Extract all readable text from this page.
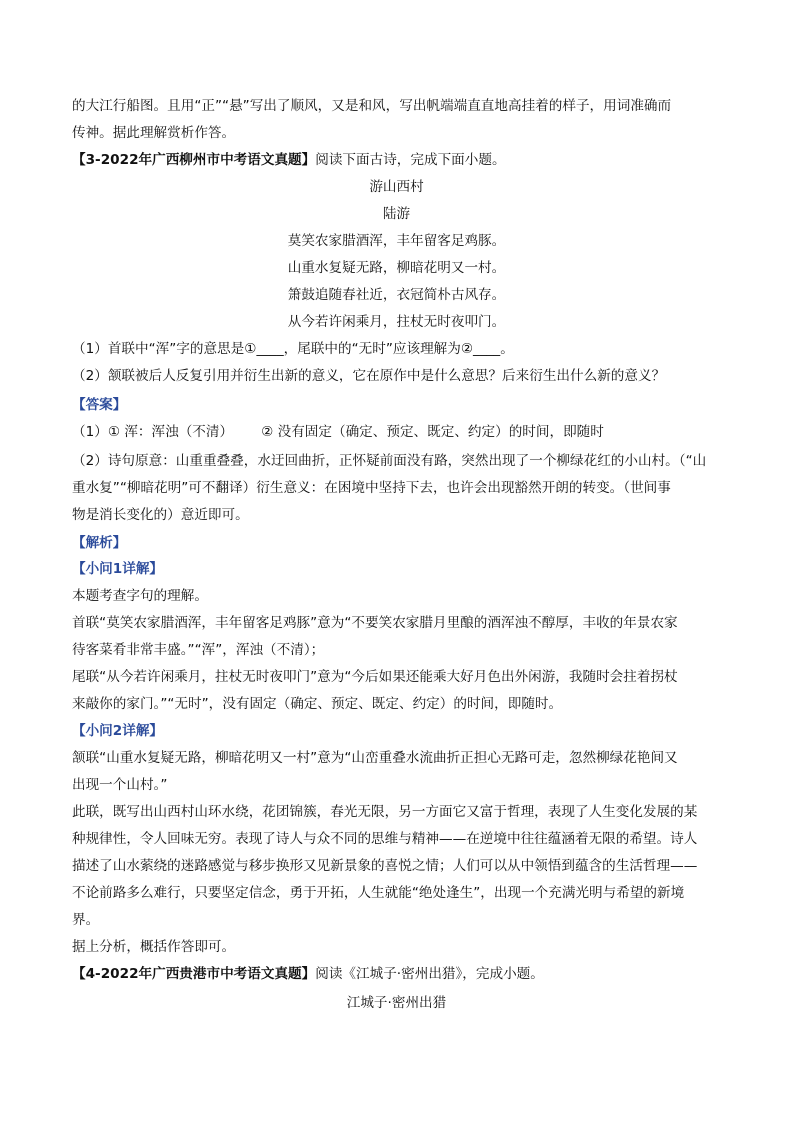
的大江行船图。且用“正”“悬”写出了顺风，又是和风，写出帆端端直直地高挂着的样子，用词准确而
传神。据此理解赏析作答。
【3-2022年广西柳州市中考语文真题】阅读下面古诗，完成下面小题。
游山西村
陆游
莫笑农家腊酒浑，丰年留客足鸡豚。
山重水复疑无路，柳暗花明又一村。
箫鼓追随春社近，衣冠简朴古风存。
从今若许闲乘月，拄杖无时夜叩门。
（1）首联中“浑”字的意思是①____，尾联中的“无时”应该理解为②____。
（2）颔联被后人反复引用并衍生出新的意义，它在原作中是什么意思？后来衍生出什么新的意义？
【答案】
（1）① 浑：浑浊（不清） ② 没有固定（确定、预定、既定、约定）的时间，即随时
（2）诗句原意：山重重叠叠，水迂回曲折，正怀疑前面没有路，突然出现了一个柳绿花红的小山村。（“山
重水复”“柳暗花明”可不翻译）衍生意义：在困境中坚持下去，也许会出现豁然开朗的转变。（世间事
物是消长变化的）意近即可。
【解析】
【小问1详解】
本题考查字句的理解。
首联“莫笑农家腊酒浑，丰年留客足鸡豚”意为“不要笑农家腊月里酿的酒浑浊不醇厚，丰收的年景农家
待客菜肴非常丰盛。”“浑”，浑浊（不清）；
尾联“从今若许闲乘月，拄杖无时夜叩门”意为“今后如果还能乘大好月色出外闲游，我随时会拄着拐杖
来敲你的家门。”“无时”，没有固定（确定、预定、既定、约定）的时间，即随时。
【小问2详解】
颔联“山重水复疑无路，柳暗花明又一村”意为“山峦重叠水流曲折正担心无路可走，忽然柳绿花艳间又
出现一个山村。”
此联，既写出山西村山环水绕，花团锦簇，春光无限，另一方面它又富于哲理，表现了人生变化发展的某
种规律性，令人回味无穷。表现了诗人与众不同的思维与精神——在逆境中往往蕴涵着无限的希望。诗人
描述了山水萦绕的迷路感觉与移步换形又见新景象的喜悦之情；人们可以从中领悟到蕴含的生活哲理——
不论前路多么难行，只要坚定信念，勇于开拓，人生就能“绝处逢生”，出现一个充满光明与希望的新境
界。
据上分析，概括作答即可。
【4-2022年广西贵港市中考语文真题】阅读《江城子·密州出猎》，完成小题。
江城子·密州出猎
